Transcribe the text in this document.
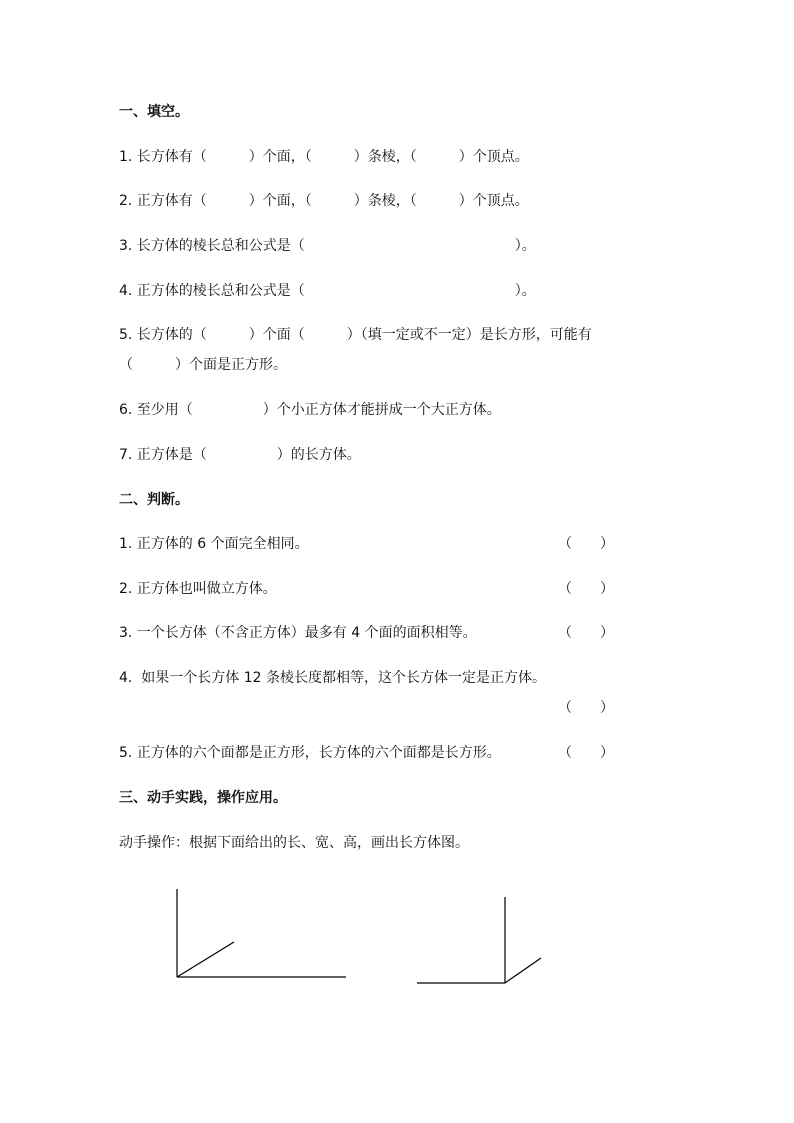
一、填空。
1. 长方体有（　　　）个面，（　　　）条棱，（　　　）个顶点。
2. 正方体有（　　　）个面，（　　　）条棱，（　　　）个顶点。
3. 长方体的棱长总和公式是（　　　　　　　　　　　　　　　）。
4. 正方体的棱长总和公式是（　　　　　　　　　　　　　　　）。
5. 长方体的（　　　）个面（　　　）（填一定或不一定）是长方形，可能有
（　　　）个面是正方形。
6. 至少用（　　　　　）个小正方体才能拼成一个大正方体。
7. 正方体是（　　　　　）的长方体。
二、判断。
1. 正方体的 6 个面完全相同。	（　　）
2. 正方体也叫做立方体。	（　　）
3. 一个长方体（不含正方体）最多有 4 个面的面积相等。	（　　）
4.  如果一个长方体 12 条棱长度都相等，这个长方体一定是正方体。
（　　）
5. 正方体的六个面都是正方形，长方体的六个面都是长方形。	（　　）
三、动手实践，操作应用。
动手操作：根据下面给出的长、宽、高，画出长方体图。
